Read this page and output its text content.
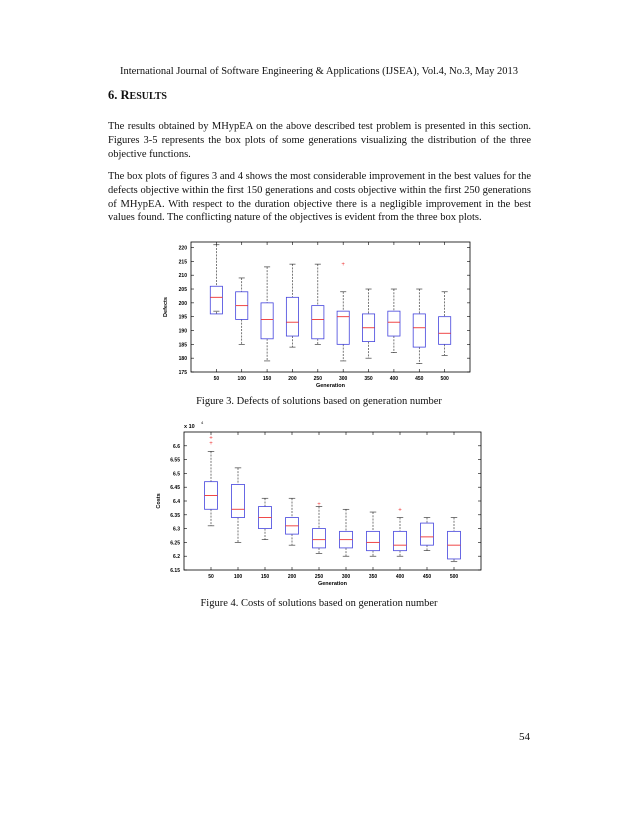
International Journal of Software Engineering & Applications (IJSEA), Vol.4, No.3, May 2013
6. RESULTS

The results obtained by MHypEA on the above described test problem is presented in this section. Figures 3-5 represents the box plots of some generations visualizing the distribution of the three objective functions.

The box plots of figures 3 and 4 shows the most considerable improvement in the best values for the defects objective within the first 150 generations and costs objective within the first 250 generations of MHypEA. With respect to the duration objective there is a negligible improvement in the best values found. The conflicting nature of the objectives is evident from the three box plots.

175
180
185
190
195
200
205
210
215
220
50	100	150	200	250	300	350	400	450	500
Generation
Defects
+
Figure 3. Defects of solutions based on generation number
6.15
6.2
6.25
6.3
6.35
6.4
6.45
6.5
6.55
6.6
50	100	150	200	250	300	350	400	450	500
Generation
Costs
x 10
4
+
+
+
+
Figure 4. Costs of solutions based on generation number
54
